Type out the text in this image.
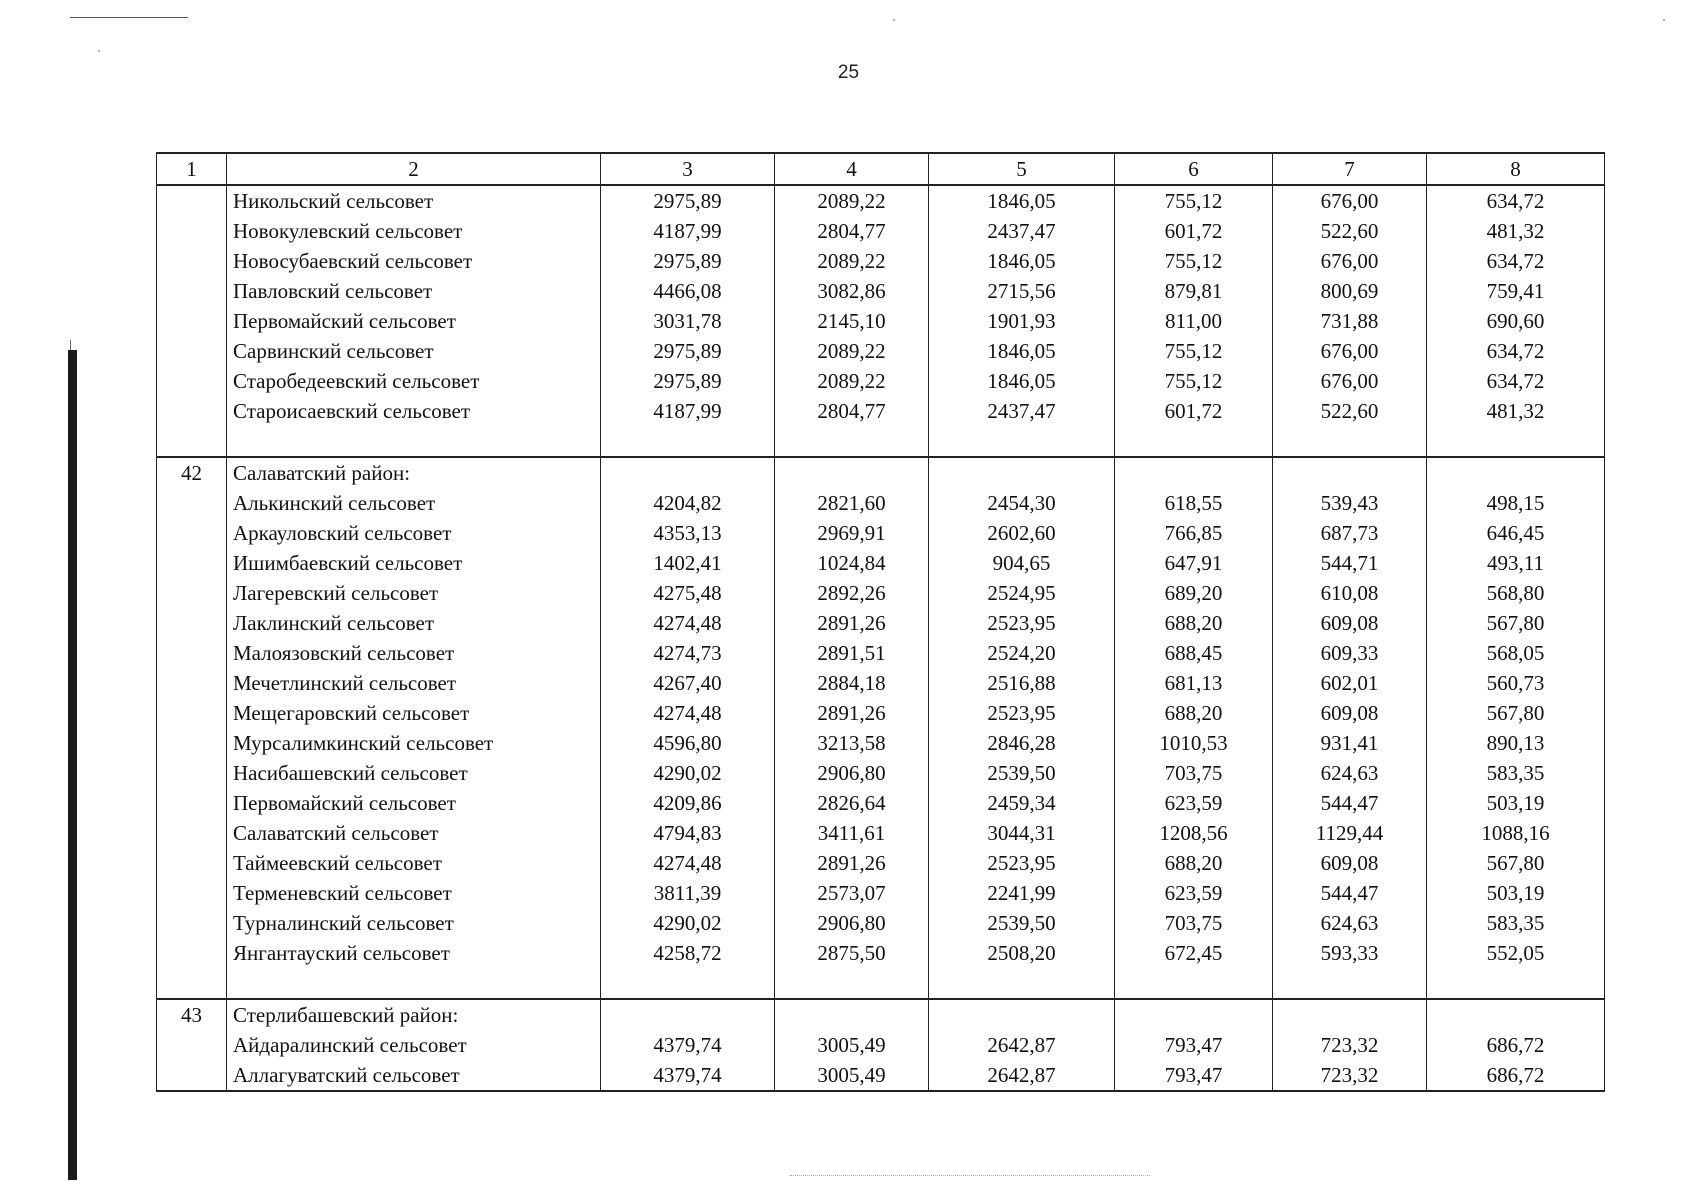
25
1	2	3	4	5	6	7	8
	Никольский сельсовет	2975,89	2089,22	1846,05	755,12	676,00	634,72
	Новокулевский сельсовет	4187,99	2804,77	2437,47	601,72	522,60	481,32
	Новосубаевский сельсовет	2975,89	2089,22	1846,05	755,12	676,00	634,72
	Павловский сельсовет	4466,08	3082,86	2715,56	879,81	800,69	759,41
	Первомайский сельсовет	3031,78	2145,10	1901,93	811,00	731,88	690,60
	Сарвинский сельсовет	2975,89	2089,22	1846,05	755,12	676,00	634,72
	Старобедеевский сельсовет	2975,89	2089,22	1846,05	755,12	676,00	634,72
	Староисаевский сельсовет	4187,99	2804,77	2437,47	601,72	522,60	481,32
42	Салаватский район:						
	Алькинский сельсовет	4204,82	2821,60	2454,30	618,55	539,43	498,15
	Аркауловский сельсовет	4353,13	2969,91	2602,60	766,85	687,73	646,45
	Ишимбаевский сельсовет	1402,41	1024,84	904,65	647,91	544,71	493,11
	Лагеревский сельсовет	4275,48	2892,26	2524,95	689,20	610,08	568,80
	Лаклинский сельсовет	4274,48	2891,26	2523,95	688,20	609,08	567,80
	Малоязовский сельсовет	4274,73	2891,51	2524,20	688,45	609,33	568,05
	Мечетлинский сельсовет	4267,40	2884,18	2516,88	681,13	602,01	560,73
	Мещегаровский сельсовет	4274,48	2891,26	2523,95	688,20	609,08	567,80
	Мурсалимкинский сельсовет	4596,80	3213,58	2846,28	1010,53	931,41	890,13
	Насибашевский сельсовет	4290,02	2906,80	2539,50	703,75	624,63	583,35
	Первомайский сельсовет	4209,86	2826,64	2459,34	623,59	544,47	503,19
	Салаватский сельсовет	4794,83	3411,61	3044,31	1208,56	1129,44	1088,16
	Таймеевский сельсовет	4274,48	2891,26	2523,95	688,20	609,08	567,80
	Терменевский сельсовет	3811,39	2573,07	2241,99	623,59	544,47	503,19
	Турналинский сельсовет	4290,02	2906,80	2539,50	703,75	624,63	583,35
	Янгантауский сельсовет	4258,72	2875,50	2508,20	672,45	593,33	552,05
43	Стерлибашевский район:						
	Айдаралинский сельсовет	4379,74	3005,49	2642,87	793,47	723,32	686,72
	Аллагуватский сельсовет	4379,74	3005,49	2642,87	793,47	723,32	686,72
